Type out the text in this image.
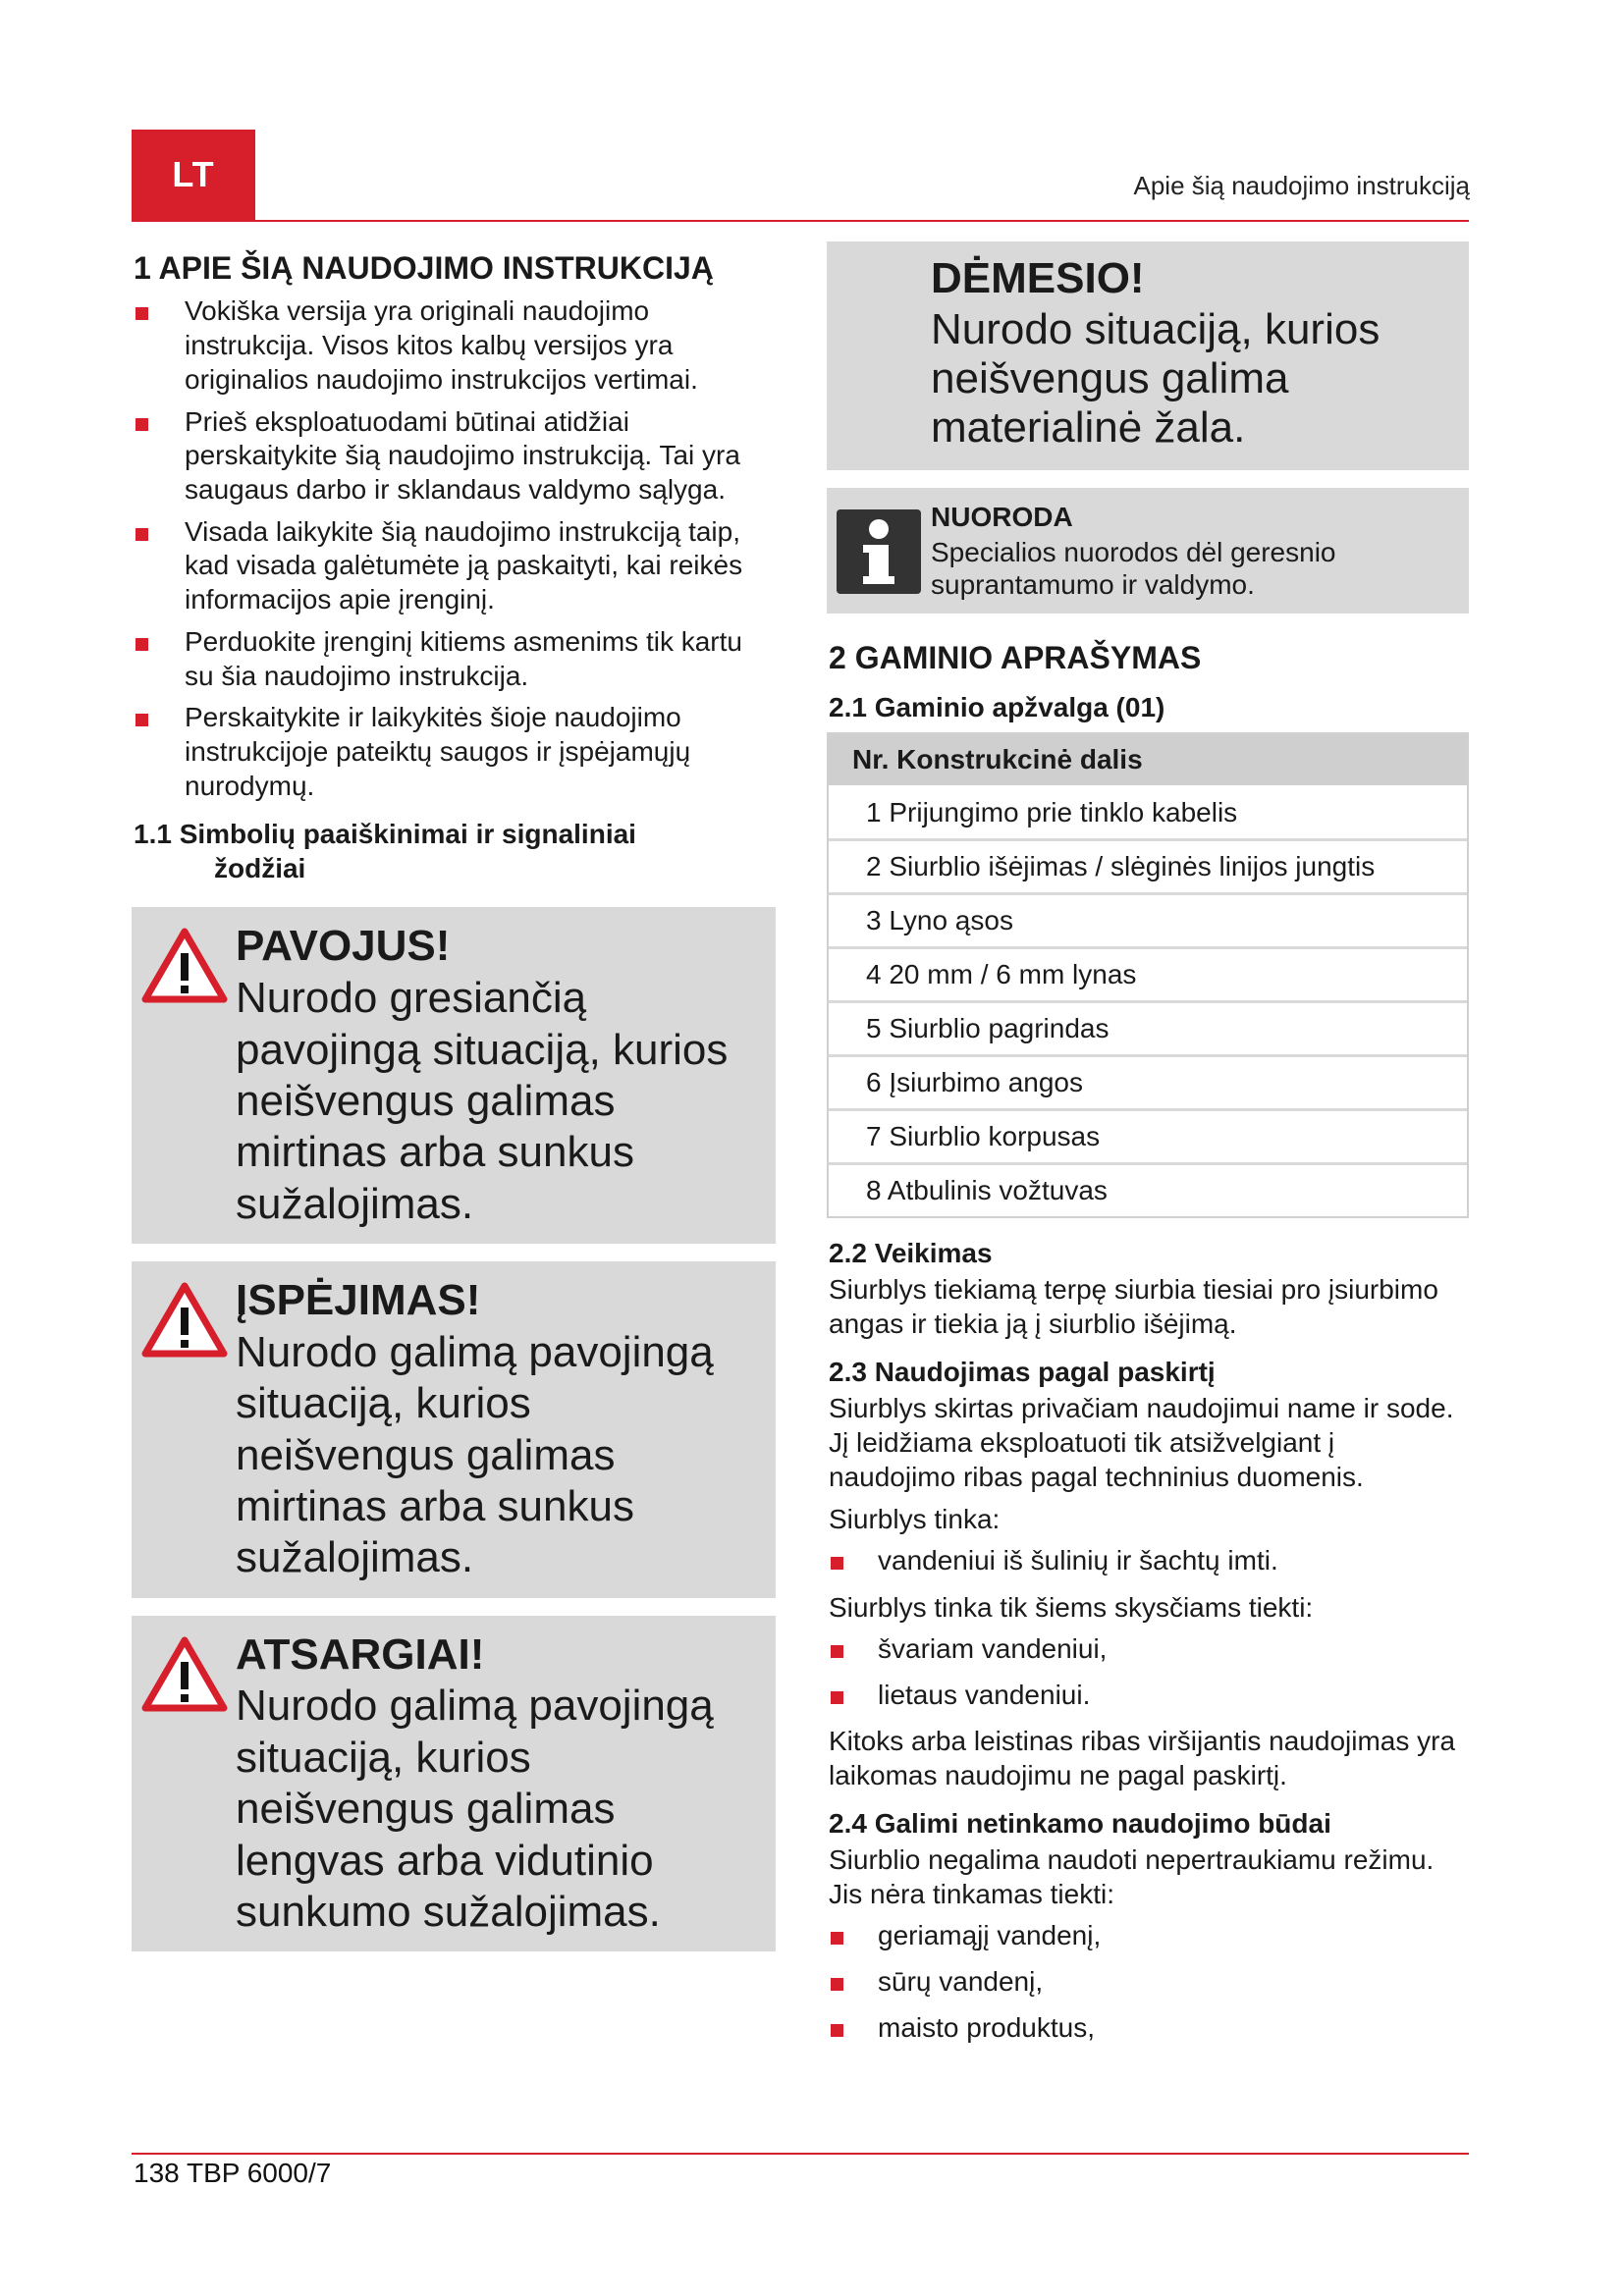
LT	Apie šią naudojimo instrukciją
1 APIE ŠIĄ NAUDOJIMO INSTRUKCIJĄ
Vokiška versija yra originali naudojimo instrukcija. Visos kitos kalbų versijos yra originalios naudojimo instrukcijos vertimai.
Prieš eksploatuodami būtinai atidžiai perskaitykite šią naudojimo instrukciją. Tai yra saugaus darbo ir sklandaus valdymo sąlyga.
Visada laikykite šią naudojimo instrukciją taip, kad visada galėtumėte ją paskaityti, kai reikės informacijos apie įrenginį.
Perduokite įrenginį kitiems asmenims tik kartu su šia naudojimo instrukcija.
Perskaitykite ir laikykitės šioje naudojimo instrukcijoje pateiktų saugos ir įspėjamųjų nurodymų.
1.1 Simbolių paaiškinimai ir signaliniai
žodžiai
PAVOJUS!
Nurodo gresiančią pavojingą situaciją, kurios neišvengus galimas mirtinas arba sunkus sužalojimas.
ĮSPĖJIMAS!
Nurodo galimą pavojingą situaciją, kurios neišvengus galimas mirtinas arba sunkus sužalojimas.
ATSARGIAI!
Nurodo galimą pavojingą situaciją, kurios neišvengus galimas lengvas arba vidutinio sunkumo sužalojimas.
DĖMESIO!
Nurodo situaciją, kurios neišvengus galima materialinė žala.
NUORODA
Specialios nuorodos dėl geresnio suprantamumo ir valdymo.
2 GAMINIO APRAŠYMAS
2.1 Gaminio apžvalga (01)
Nr. Konstrukcinė dalis
1 Prijungimo prie tinklo kabelis
2 Siurblio išėjimas / slėginės linijos jungtis
3 Lyno ąsos
4 20 mm / 6 mm lynas
5 Siurblio pagrindas
6 Įsiurbimo angos
7 Siurblio korpusas
8 Atbulinis vožtuvas
2.2 Veikimas

Siurblys tiekiamą terpę siurbia tiesiai pro įsiurbimo angas ir tiekia ją į siurblio išėjimą.

2.3 Naudojimas pagal paskirtį

Siurblys skirtas privačiam naudojimui name ir sode. Jį leidžiama eksploatuoti tik atsižvelgiant į naudojimo ribas pagal techninius duomenis.

Siurblys tinka:

vandeniui iš šulinių ir šachtų imti.

Siurblys tinka tik šiems skysčiams tiekti:

švariam vandeniui,
lietaus vandeniui.

Kitoks arba leistinas ribas viršijantis naudojimas yra laikomas naudojimu ne pagal paskirtį.

2.4 Galimi netinkamo naudojimo būdai

Siurblio negalima naudoti nepertraukiamu režimu. Jis nėra tinkamas tiekti:

geriamąjį vandenį,
sūrų vandenį,
maisto produktus,
138 TBP 6000/7
